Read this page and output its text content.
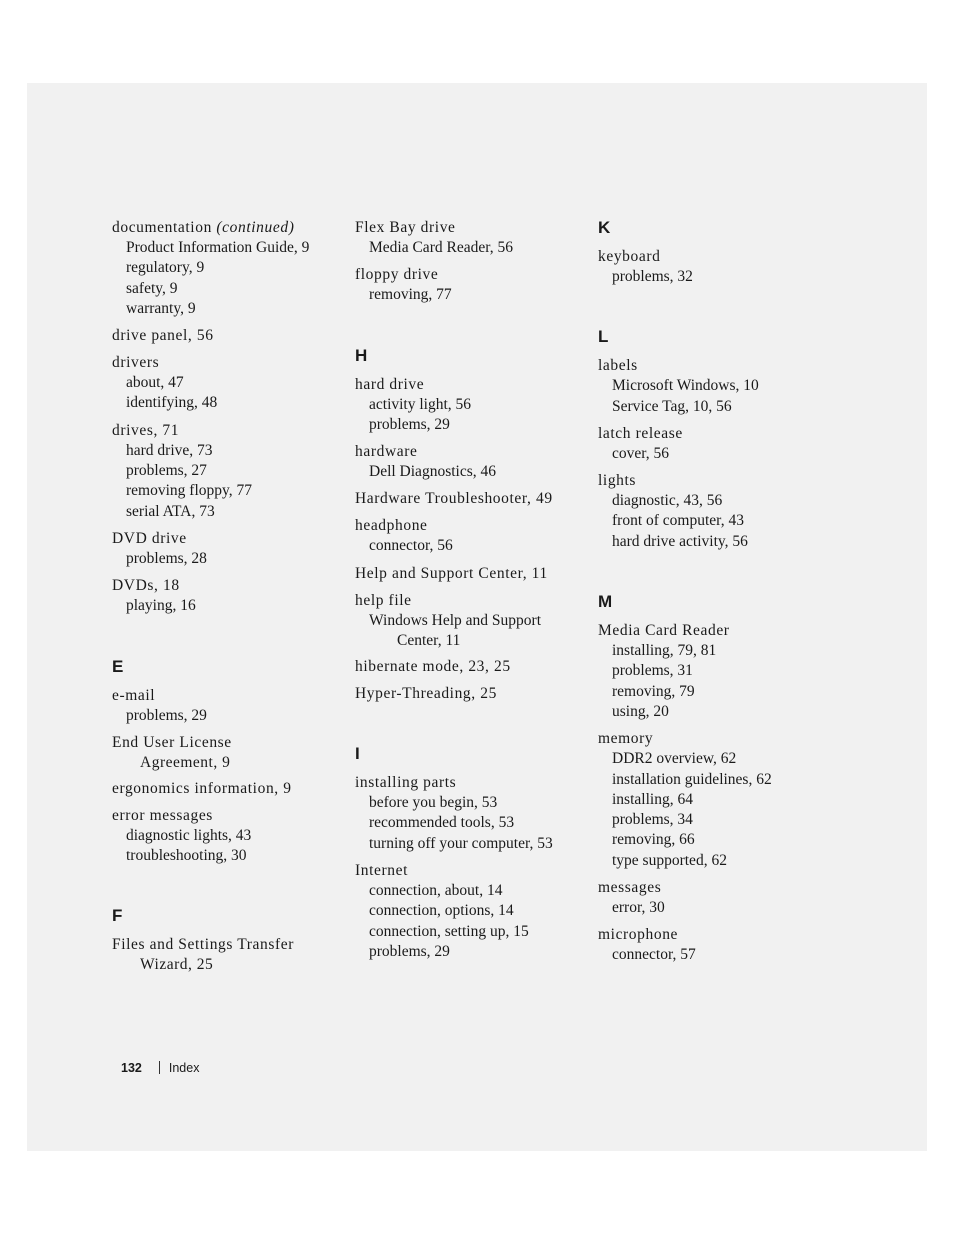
documentation (continued)
Product Information Guide, 9
regulatory, 9
safety, 9
warranty, 9
drive panel, 56
drivers
about, 47
identifying, 48
drives, 71
hard drive, 73
problems, 27
removing floppy, 77
serial ATA, 73
DVD drive
problems, 28
DVDs, 18
playing, 16
E
e-mail
problems, 29
End User License
Agreement, 9
ergonomics information, 9
error messages
diagnostic lights, 43
troubleshooting, 30
F
Files and Settings Transfer
Wizard, 25
Flex Bay drive
Media Card Reader, 56
floppy drive
removing, 77
H
hard drive
activity light, 56
problems, 29
hardware
Dell Diagnostics, 46
Hardware Troubleshooter, 49
headphone
connector, 56
Help and Support Center, 11
help file
Windows Help and Support
Center, 11
hibernate mode, 23, 25
Hyper-Threading, 25
I
installing parts
before you begin, 53
recommended tools, 53
turning off your computer, 53
Internet
connection, about, 14
connection, options, 14
connection, setting up, 15
problems, 29
K
keyboard
problems, 32
L
labels
Microsoft Windows, 10
Service Tag, 10, 56
latch release
cover, 56
lights
diagnostic, 43, 56
front of computer, 43
hard drive activity, 56
M
Media Card Reader
installing, 79, 81
problems, 31
removing, 79
using, 20
memory
DDR2 overview, 62
installation guidelines, 62
installing, 64
problems, 34
removing, 66
type supported, 62
messages
error, 30
microphone
connector, 57
132 Index
